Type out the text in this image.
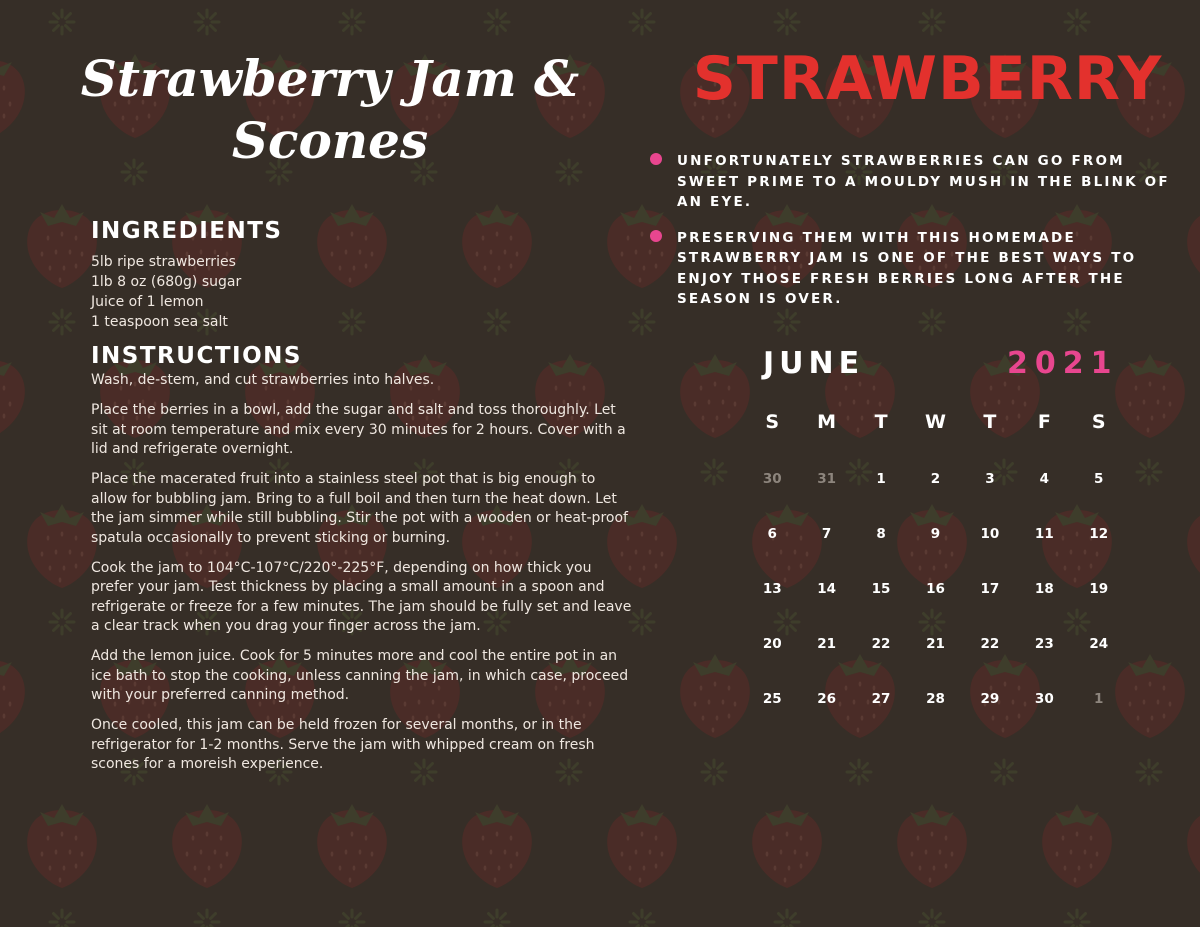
Strawberry Jam &
Scones
INGREDIENTS
5lb ripe strawberries
1lb 8 oz (680g) sugar
Juice of 1 lemon
1 teaspoon sea salt
INSTRUCTIONS

Wash, de-stem, and cut strawberries into halves.

Place the berries in a bowl, add the sugar and salt and toss thoroughly. Let sit at room temperature and mix every 30 minutes for 2 hours. Cover with a lid and refrigerate overnight.

Place the macerated fruit into a stainless steel pot that is big enough to allow for bubbling jam. Bring to a full boil and then turn the heat down. Let the jam simmer while still bubbling. Stir the pot with a wooden or heat-proof spatula occasionally to prevent sticking or burning.

Cook the jam to 104°C-107°C/220°-225°F, depending on how thick you prefer your jam. Test thickness by placing a small amount in a spoon and refrigerate or freeze for a few minutes. The jam should be fully set and leave a clear track when you drag your finger across the jam.

Add the lemon juice. Cook for 5 minutes more and cool the entire pot in an ice bath to stop the cooking, unless canning the jam, in which case, proceed with your preferred canning method.

Once cooled, this jam can be held frozen for several months, or in the refrigerator for 1-2 months. Serve the jam with whipped cream on fresh scones for a moreish experience.

STRAWBERRY
UNFORTUNATELY STRAWBERRIES CAN GO FROM SWEET PRIME TO A MOULDY MUSH IN THE BLINK OF AN EYE.
PRESERVING THEM WITH THIS HOMEMADE STRAWBERRY JAM IS ONE OF THE BEST WAYS TO ENJOY THOSE FRESH BERRIES LONG AFTER THE SEASON IS OVER.
JUNE	2021
S	M	T	W	T	F	S
30	31	1	2	3	4	5
6	7	8	9	10	11	12
13	14	15	16	17	18	19
20	21	22	21	22	23	24
25	26	27	28	29	30	1
